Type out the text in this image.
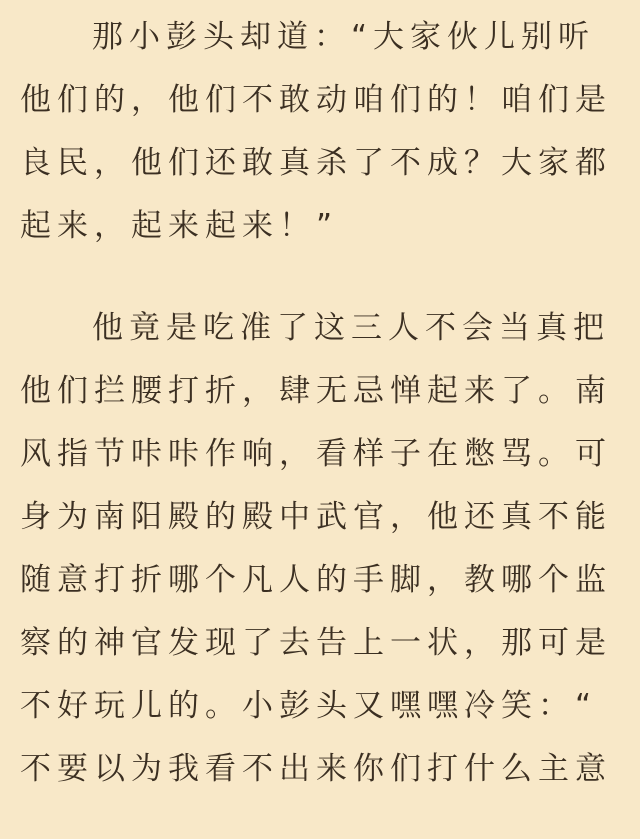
那小彭头却道：“大家伙儿别听
他们的，他们不敢动咱们的！咱们是
良民，他们还敢真杀了不成？大家都
起来，起来起来！”
他竟是吃准了这三人不会当真把
他们拦腰打折，肆无忌惮起来了。南
风指节咔咔作响，看样子在憋骂。可
身为南阳殿的殿中武官，他还真不能
随意打折哪个凡人的手脚，教哪个监
察的神官发现了去告上一状，那可是
不好玩儿的。小彭头又嘿嘿冷笑：“
不要以为我看不出来你们打什么主意
